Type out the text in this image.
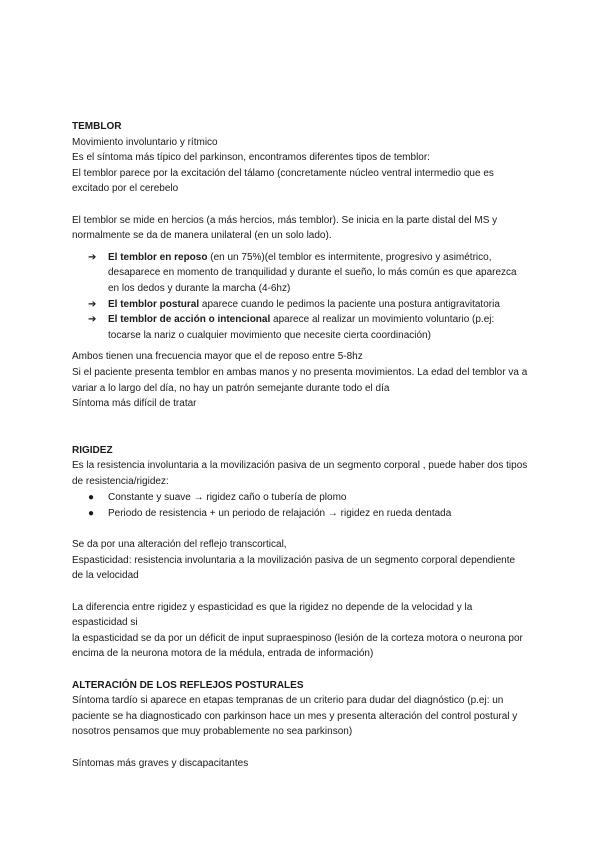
TEMBLOR
Movimiento involuntario y rítmico
Es el síntoma más típico del parkinson, encontramos diferentes tipos de temblor:
El temblor parece por la excitación del tálamo (concretamente núcleo ventral intermedio que es excitado por el cerebelo
El temblor se mide en hercios (a más hercios, más temblor). Se inicia en la parte distal del MS y normalmente se da de manera unilateral (en un solo lado).
➔ El temblor en reposo (en un 75%)(el temblor es intermitente, progresivo y asimétrico, desaparece en momento de tranquilidad y durante el sueño, lo más común es que aparezca en los dedos y durante la marcha (4-6hz)
➔ El temblor postural aparece cuando le pedimos la paciente una postura antigravitatoria
➔ El temblor de acción o intencional aparece al realizar un movimiento voluntario (p.ej: tocarse la nariz o cualquier movimiento que necesite cierta coordinación)
Ambos tienen una frecuencia mayor que el de reposo entre 5-8hz
Si el paciente presenta temblor en ambas manos y no presenta movimientos. La edad del temblor va a variar a lo largo del día, no hay un patrón semejante durante todo el día
Síntoma más difícil de tratar
RIGIDEZ
Es la resistencia involuntaria a la movilización pasiva de un segmento corporal , puede haber dos tipos de resistencia/rigidez:
● Constante y suave → rigidez caño o tubería de plomo
● Periodo de resistencia + un periodo de relajación → rigidez en rueda dentada
Se da por una alteración del reflejo transcortical,
Espasticidad: resistencia involuntaria a la movilización pasiva de un segmento corporal dependiente de la velocidad
La diferencia entre rigidez y espasticidad es que la rigidez no depende de la velocidad y la espasticidad si
la espasticidad se da por un déficit de input supraespinoso (lesión de la corteza motora o neurona por encima de la neurona motora de la médula, entrada de información)
ALTERACIÓN DE LOS REFLEJOS POSTURALES
Síntoma tardío si aparece en etapas tempranas de un criterio para dudar del diagnóstico (p.ej: un paciente se ha diagnosticado con parkinson hace un mes y presenta alteración del control postural y nosotros pensamos que muy probablemente no sea parkinson)
Síntomas más graves y discapacitantes
